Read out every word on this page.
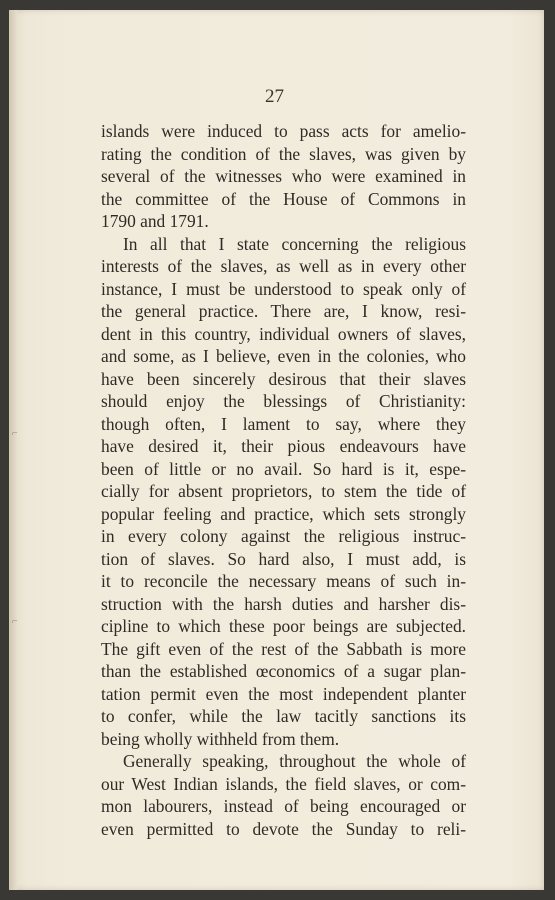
⌐
⌐
27
islands were induced to pass acts for amelio-
rating the condition of the slaves, was given by
several of the witnesses who were examined in
the committee of the House of Commons in
1790 and 1791.
In all that I state concerning the religious
interests of the slaves, as well as in every other
instance, I must be understood to speak only of
the general practice. There are, I know, resi-
dent in this country, individual owners of slaves,
and some, as I believe, even in the colonies, who
have been sincerely desirous that their slaves
should enjoy the blessings of Christianity:
though often, I lament to say, where they
have desired it, their pious endeavours have
been of little or no avail. So hard is it, espe-
cially for absent proprietors, to stem the tide of
popular feeling and practice, which sets strongly
in every colony against the religious instruc-
tion of slaves. So hard also, I must add, is
it to reconcile the necessary means of such in-
struction with the harsh duties and harsher dis-
cipline to which these poor beings are subjected.
The gift even of the rest of the Sabbath is more
than the established œconomics of a sugar plan-
tation permit even the most independent planter
to confer, while the law tacitly sanctions its
being wholly withheld from them.
Generally speaking, throughout the whole of
our West Indian islands, the field slaves, or com-
mon labourers, instead of being encouraged or
even permitted to devote the Sunday to reli-
